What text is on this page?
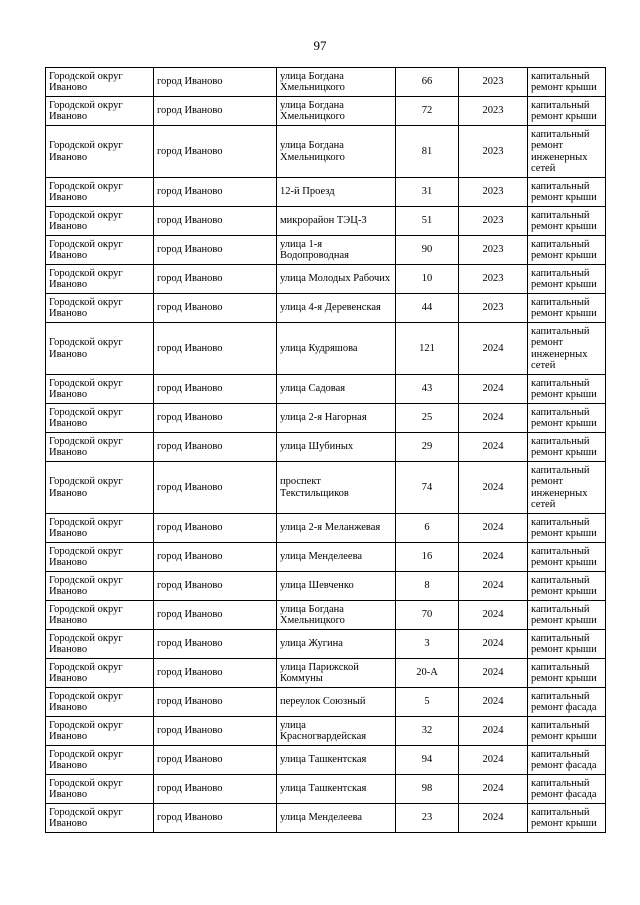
97
Городской округ Иваново	город Иваново	улица Богдана Хмельницкого	66	2023	капитальный ремонт крыши
Городской округ Иваново	город Иваново	улица Богдана Хмельницкого	72	2023	капитальный ремонт крыши
Городской округ Иваново	город Иваново	улица Богдана Хмельницкого	81	2023	капитальный ремонт инженерных сетей
Городской округ Иваново	город Иваново	12-й Проезд	31	2023	капитальный ремонт крыши
Городской округ Иваново	город Иваново	микрорайон ТЭЦ-3	51	2023	капитальный ремонт крыши
Городской округ Иваново	город Иваново	улица 1-я Водопроводная	90	2023	капитальный ремонт крыши
Городской округ Иваново	город Иваново	улица Молодых Рабочих	10	2023	капитальный ремонт крыши
Городской округ Иваново	город Иваново	улица 4-я Деревенская	44	2023	капитальный ремонт крыши
Городской округ Иваново	город Иваново	улица Кудряшова	121	2024	капитальный ремонт инженерных сетей
Городской округ Иваново	город Иваново	улица Садовая	43	2024	капитальный ремонт крыши
Городской округ Иваново	город Иваново	улица 2-я Нагорная	25	2024	капитальный ремонт крыши
Городской округ Иваново	город Иваново	улица Шубиных	29	2024	капитальный ремонт крыши
Городской округ Иваново	город Иваново	проспект Текстильщиков	74	2024	капитальный ремонт инженерных сетей
Городской округ Иваново	город Иваново	улица 2-я Меланжевая	6	2024	капитальный ремонт крыши
Городской округ Иваново	город Иваново	улица Менделеева	16	2024	капитальный ремонт крыши
Городской округ Иваново	город Иваново	улица Шевченко	8	2024	капитальный ремонт крыши
Городской округ Иваново	город Иваново	улица Богдана Хмельницкого	70	2024	капитальный ремонт крыши
Городской округ Иваново	город Иваново	улица Жугина	3	2024	капитальный ремонт крыши
Городской округ Иваново	город Иваново	улица Парижской Коммуны	20-А	2024	капитальный ремонт крыши
Городской округ Иваново	город Иваново	переулок Союзный	5	2024	капитальный ремонт фасада
Городской округ Иваново	город Иваново	улица Красногвардейская	32	2024	капитальный ремонт крыши
Городской округ Иваново	город Иваново	улица Ташкентская	94	2024	капитальный ремонт фасада
Городской округ Иваново	город Иваново	улица Ташкентская	98	2024	капитальный ремонт фасада
Городской округ Иваново	город Иваново	улица Менделеева	23	2024	капитальный ремонт крыши
